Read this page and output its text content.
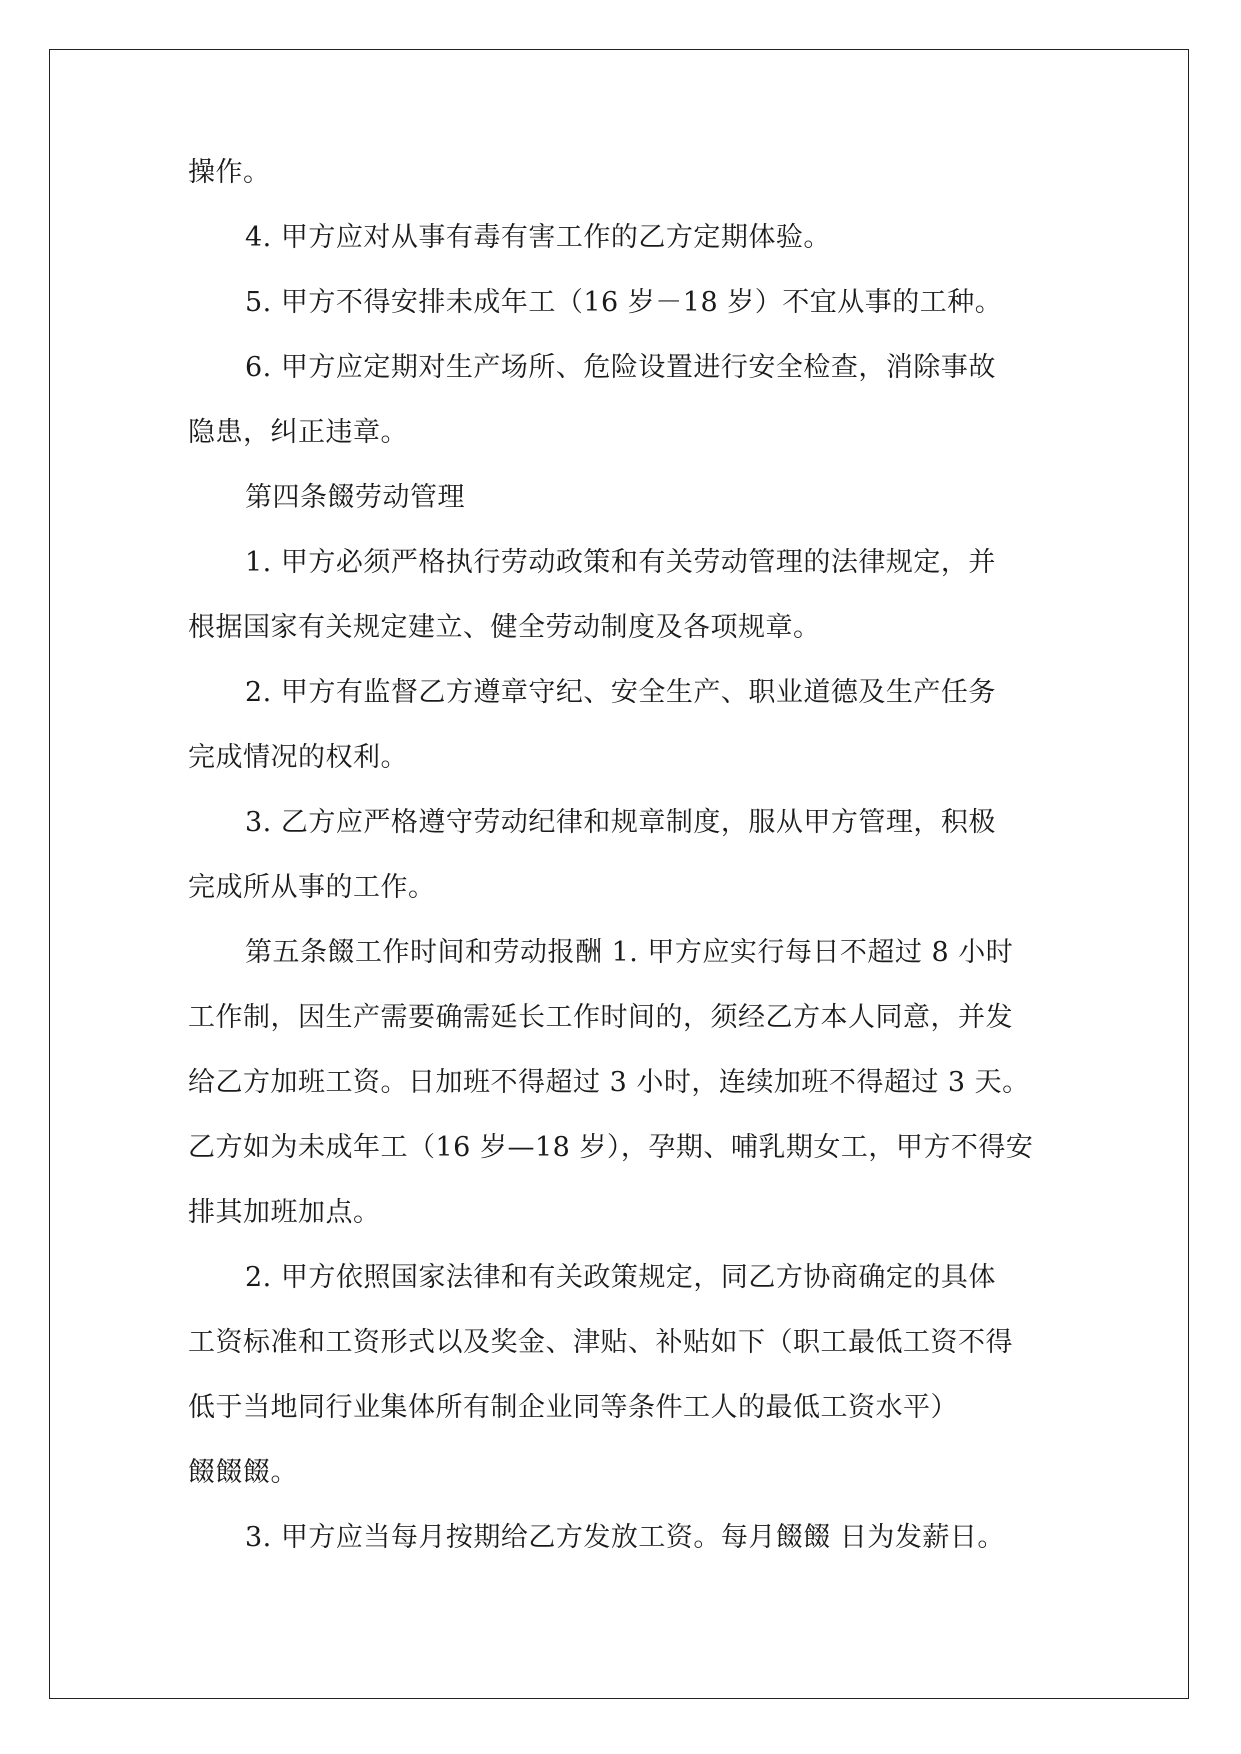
操作。
4. 甲方应对从事有毒有害工作的乙方定期体验。
5. 甲方不得安排未成年工（16 岁－18 岁）不宜从事的工种。
6. 甲方应定期对生产场所、危险设置进行安全检查，消除事故
隐患，纠正违章。
第四条餟劳动管理
1. 甲方必须严格执行劳动政策和有关劳动管理的法律规定，并
根据国家有关规定建立、健全劳动制度及各项规章。
2. 甲方有监督乙方遵章守纪、安全生产、职业道德及生产任务
完成情况的权利。
3. 乙方应严格遵守劳动纪律和规章制度，服从甲方管理，积极
完成所从事的工作。
第五条餟工作时间和劳动报酬 1. 甲方应实行每日不超过 8 小时
工作制，因生产需要确需延长工作时间的，须经乙方本人同意，并发
给乙方加班工资。日加班不得超过 3 小时，连续加班不得超过 3 天。
乙方如为未成年工（16 岁—18 岁），孕期、哺乳期女工，甲方不得安
排其加班加点。
2. 甲方依照国家法律和有关政策规定，同乙方协商确定的具体
工资标准和工资形式以及奖金、津贴、补贴如下（职工最低工资不得
低于当地同行业集体所有制企业同等条件工人的最低工资水平）
餟餟餟。
3. 甲方应当每月按期给乙方发放工资。每月餟餟 日为发薪日。
